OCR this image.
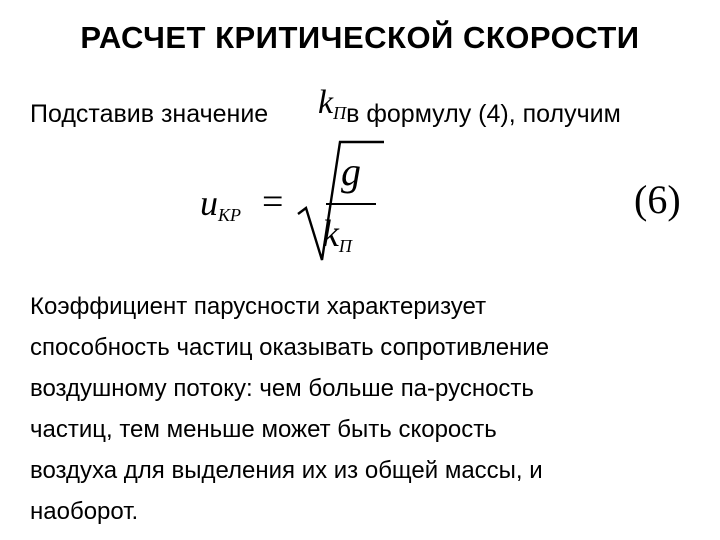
РАСЧЕТ КРИТИЧЕСКОЙ СКОРОСТИ
Подставив значение	в формулу (4), получим
$k_П$
$u_{КР}$ =
g
$k_П$
(6)
Коэффициент парусности характеризует
способность частиц оказывать сопротивление
воздушному потоку: чем больше па-русность
частиц, тем меньше может быть скорость
воздуха для выделения их из общей массы, и
наоборот.
